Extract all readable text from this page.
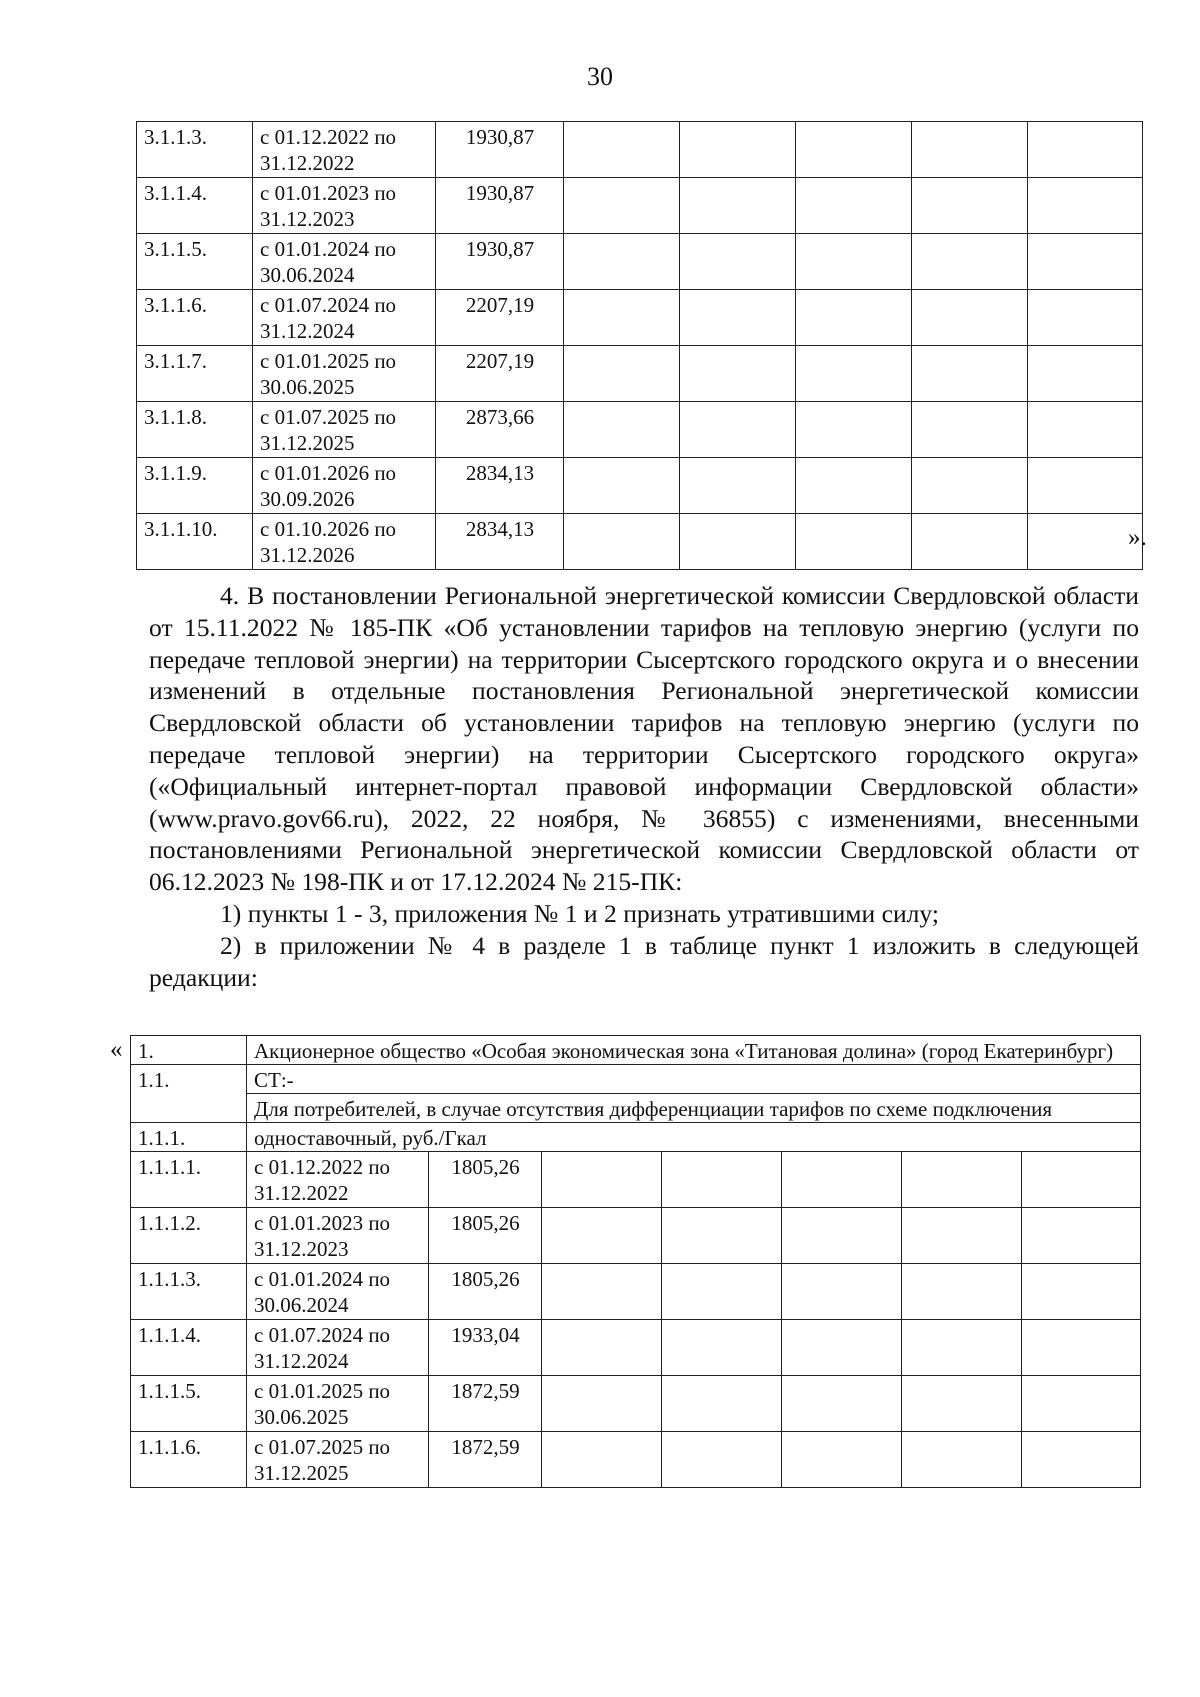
30
3.1.1.3.	с 01.12.2022 по 31.12.2022	1930,87					
3.1.1.4.	с 01.01.2023 по 31.12.2023	1930,87					
3.1.1.5.	с 01.01.2024 по 30.06.2024	1930,87					
3.1.1.6.	с 01.07.2024 по 31.12.2024	2207,19					
3.1.1.7.	с 01.01.2025 по 30.06.2025	2207,19					
3.1.1.8.	с 01.07.2025 по 31.12.2025	2873,66					
3.1.1.9.	с 01.01.2026 по 30.09.2026	2834,13					
3.1.1.10.	с 01.10.2026 по 31.12.2026	2834,13						».

4. В постановлении Региональной энергетической комиссии Свердловской области от 15.11.2022 № 185-ПК «Об установлении тарифов на тепловую энергию (услуги по передаче тепловой энергии) на территории Сысертского городского округа и о внесении изменений в отдельные постановления Региональной энергетической комиссии Свердловской области об установлении тарифов на тепловую энергию (услуги по передаче тепловой энергии) на территории Сысертского городского округа» («Официальный интернет-портал правовой информации Свердловской области» (www.pravo.gov66.ru), 2022, 22 ноября, № 36855) с изменениями, внесенными постановлениями Региональной энергетической комиссии Свердловской области от 06.12.2023 № 198-ПК и от 17.12.2024 № 215-ПК:

1) пункты 1 - 3, приложения № 1 и 2 признать утратившими силу;

2) в приложении № 4 в разделе 1 в таблице пункт 1 изложить в следующей редакции:

« 1.	Акционерное общество «Особая экономическая зона «Титановая долина» (город Екатеринбург)						
1.1.	СТ:-						
	Для потребителей, в случае отсутствия дифференциации тарифов по схеме подключения						
1.1.1.	одноставочный, руб./Гкал						
1.1.1.1.	с 01.12.2022 по 31.12.2022	1805,26					
1.1.1.2.	с 01.01.2023 по 31.12.2023	1805,26					
1.1.1.3.	с 01.01.2024 по 30.06.2024	1805,26					
1.1.1.4.	с 01.07.2024 по 31.12.2024	1933,04					
1.1.1.5.	с 01.01.2025 по 30.06.2025	1872,59					
1.1.1.6.	с 01.07.2025 по 31.12.2025	1872,59					
